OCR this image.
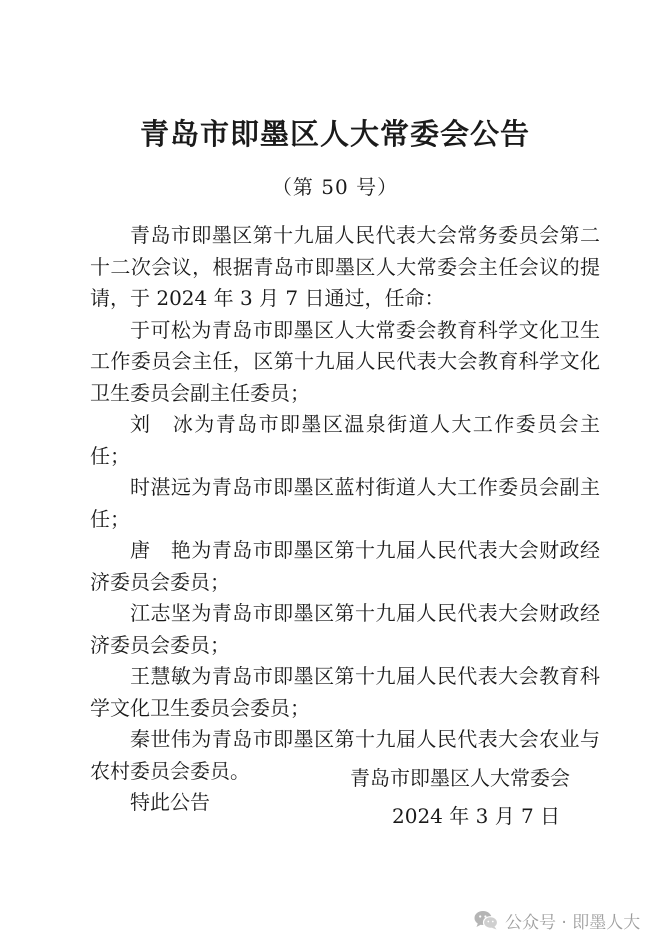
青岛市即墨区人大常委会公告
（第 50 号）

青岛市即墨区第十九届人民代表大会常务委员会第二十二次会议，根据青岛市即墨区人大常委会主任会议的提请，于 2024 年 3 月 7 日通过，任命：

于可松为青岛市即墨区人大常委会教育科学文化卫生工作委员会主任，区第十九届人民代表大会教育科学文化卫生委员会副主任委员；

刘　冰为青岛市即墨区温泉街道人大工作委员会主任；

时湛远为青岛市即墨区蓝村街道人大工作委员会副主任；

唐　艳为青岛市即墨区第十九届人民代表大会财政经济委员会委员；

江志坚为青岛市即墨区第十九届人民代表大会财政经济委员会委员；

王慧敏为青岛市即墨区第十九届人民代表大会教育科学文化卫生委员会委员；

秦世伟为青岛市即墨区第十九届人民代表大会农业与农村委员会委员。

特此公告

青岛市即墨区人大常委会
2024 年 3 月 7 日
公众号 · 即墨人大
